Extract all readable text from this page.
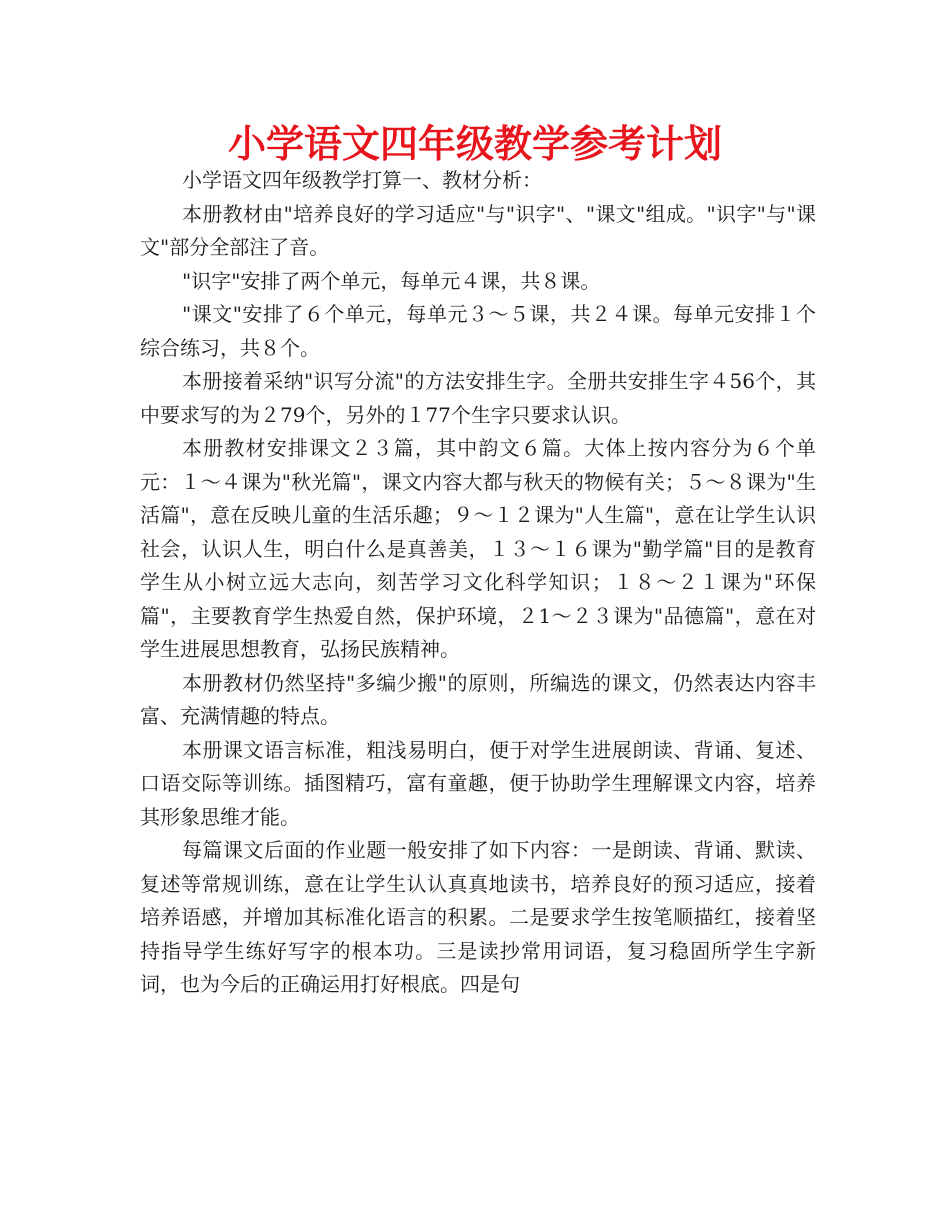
小学语文四年级教学参考计划

小学语文四年级教学打算一、教材分析：

本册教材由"培养良好的学习适应"与"识字"、"课文"组成。"识字"与"课文"部分全部注了音。

"识字"安排了两个单元，每单元４课，共８课。

"课文"安排了６个单元，每单元３～５课，共２４课。每单元安排１个综合练习，共８个。

本册接着采纳"识写分流"的方法安排生字。全册共安排生字４56个，其中要求写的为２79个，另外的１77个生字只要求认识。

本册教材安排课文２３篇，其中韵文６篇。大体上按内容分为６个单元：１～４课为"秋光篇"，课文内容大都与秋天的物候有关；５～８课为"生活篇"，意在反映儿童的生活乐趣；９～１２课为"人生篇"，意在让学生认识社会，认识人生，明白什么是真善美，１３～１６课为"勤学篇"目的是教育学生从小树立远大志向，刻苦学习文化科学知识；１８～２１课为"环保篇"，主要教育学生热爱自然，保护环境，２1～２３课为"品德篇"，意在对学生进展思想教育，弘扬民族精神。

本册教材仍然坚持"多编少搬"的原则，所编选的课文，仍然表达内容丰富、充满情趣的特点。

本册课文语言标准，粗浅易明白，便于对学生进展朗读、背诵、复述、口语交际等训练。插图精巧，富有童趣，便于协助学生理解课文内容，培养其形象思维才能。

每篇课文后面的作业题一般安排了如下内容：一是朗读、背诵、默读、复述等常规训练，意在让学生认认真真地读书，培养良好的预习适应，接着培养语感，并增加其标准化语言的积累。二是要求学生按笔顺描红，接着坚持指导学生练好写字的根本功。三是读抄常用词语，复习稳固所学生字新词，也为今后的正确运用打好根底。四是句
